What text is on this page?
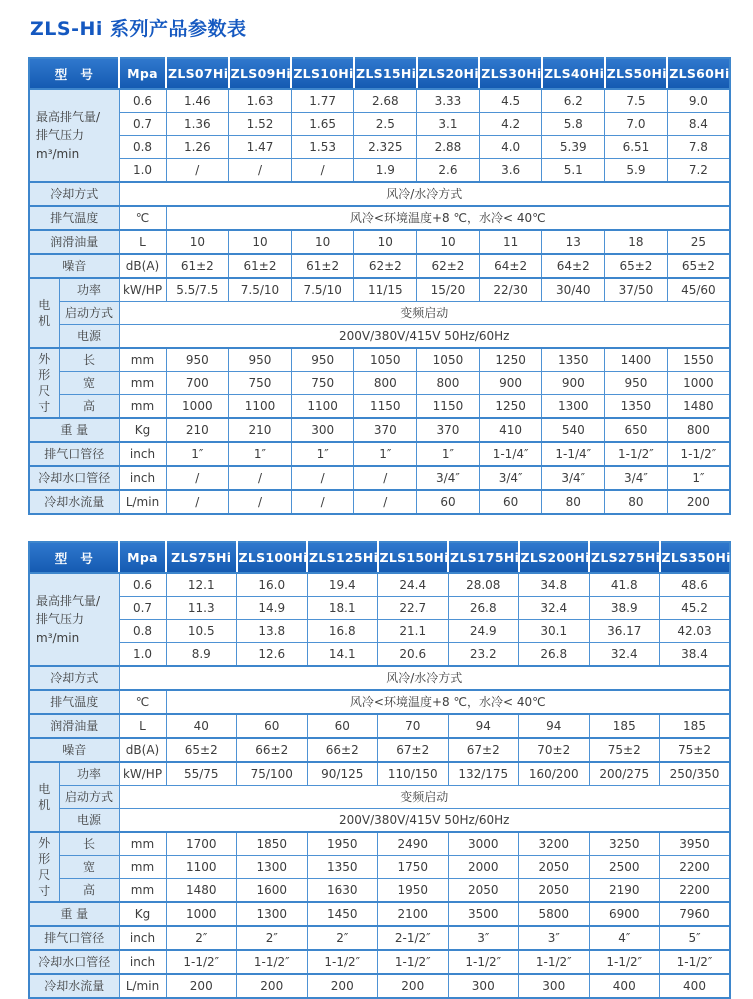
ZLS-Hi 系列产品参数表
型　号		Mpa	ZLS07Hi	ZLS09Hi	ZLS10Hi	ZLS15Hi	ZLS20Hi	ZLS30Hi	ZLS40Hi	ZLS50Hi	ZLS60Hi
最高排气量/
排气压力
m³/min		0.6	1.46	1.63	1.77	2.68	3.33	4.5	6.2	7.5	9.0
		0.7	1.36	1.52	1.65	2.5	3.1	4.2	5.8	7.0	8.4
		0.8	1.26	1.47	1.53	2.325	2.88	4.0	5.39	6.51	7.8
		1.0	/	/	/	1.9	2.6	3.6	5.1	5.9	7.2
冷却方式		风冷/水冷方式									
排气温度		℃	风冷<环境温度+8 ℃，水冷< 40℃								
润滑油量		L	10	10	10	10	10	11	13	18	25
噪音		dB(A)	61±2	61±2	61±2	62±2	62±2	64±2	64±2	65±2	65±2
电
机	功率	kW/HP	5.5/7.5	7.5/10	7.5/10	11/15	15/20	22/30	30/40	37/50	45/60
	启动方式	变频启动									
	电源	200V/380V/415V 50Hz/60Hz									
外
形
尺
寸	长	mm	950	950	950	1050	1050	1250	1350	1400	1550
	宽	mm	700	750	750	800	800	900	900	950	1000
	高	mm	1000	1100	1100	1150	1150	1250	1300	1350	1480
重 量		Kg	210	210	300	370	370	410	540	650	800
排气口管径		inch	1″	1″	1″	1″	1″	1-1/4″	1-1/4″	1-1/2″	1-1/2″
冷却水口管径		inch	/	/	/	/	3/4″	3/4″	3/4″	3/4″	1″
冷却水流量		L/min	/	/	/	/	60	60	80	80	200
型　号		Mpa	ZLS75Hi	ZLS100Hi	ZLS125Hi	ZLS150Hi	ZLS175Hi	ZLS200Hi	ZLS275Hi	ZLS350Hi
最高排气量/
排气压力
m³/min		0.6	12.1	16.0	19.4	24.4	28.08	34.8	41.8	48.6
		0.7	11.3	14.9	18.1	22.7	26.8	32.4	38.9	45.2
		0.8	10.5	13.8	16.8	21.1	24.9	30.1	36.17	42.03
		1.0	8.9	12.6	14.1	20.6	23.2	26.8	32.4	38.4
冷却方式		风冷/水冷方式								
排气温度		℃	风冷<环境温度+8 ℃，水冷< 40℃							
润滑油量		L	40	60	60	70	94	94	185	185
噪音		dB(A)	65±2	66±2	66±2	67±2	67±2	70±2	75±2	75±2
电
机	功率	kW/HP	55/75	75/100	90/125	110/150	132/175	160/200	200/275	250/350
	启动方式	变频启动								
	电源	200V/380V/415V 50Hz/60Hz								
外
形
尺
寸	长	mm	1700	1850	1950	2490	3000	3200	3250	3950
	宽	mm	1100	1300	1350	1750	2000	2050	2500	2200
	高	mm	1480	1600	1630	1950	2050	2050	2190	2200
重 量		Kg	1000	1300	1450	2100	3500	5800	6900	7960
排气口管径		inch	2″	2″	2″	2-1/2″	3″	3″	4″	5″
冷却水口管径		inch	1-1/2″	1-1/2″	1-1/2″	1-1/2″	1-1/2″	1-1/2″	1-1/2″	1-1/2″
冷却水流量		L/min	200	200	200	200	300	300	400	400
